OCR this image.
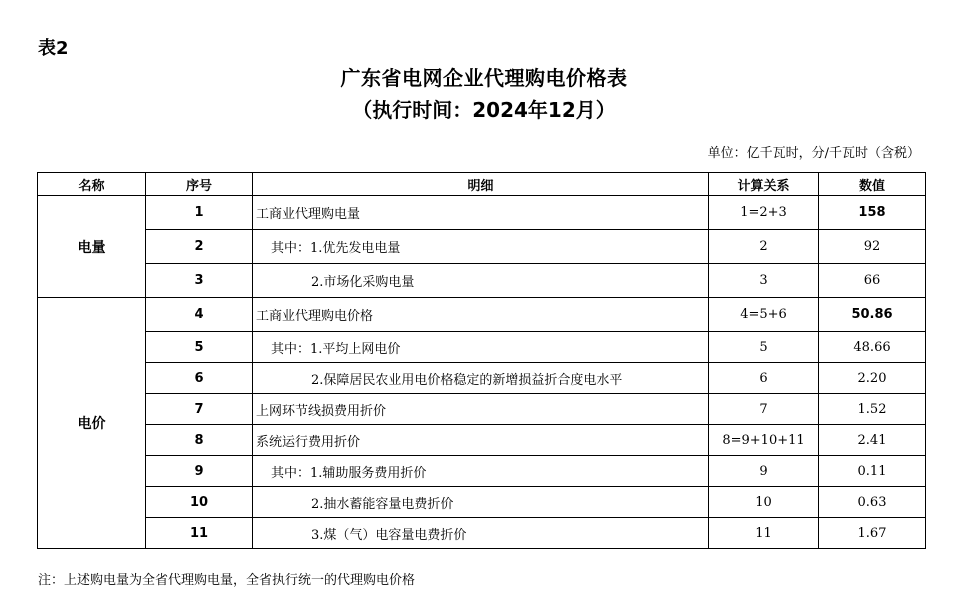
表2
广东省电网企业代理购电价格表
（执行时间：2024年12月）
单位：亿千瓦时，分/千瓦时（含税）
名称	序号	明细	计算关系	数值
电量	1	工商业代理购电量	1=2+3	158
	2	其中：1.优先发电电量	2	92
	3	2.市场化采购电量	3	66
电价	4	工商业代理购电价格	4=5+6	50.86
	5	其中：1.平均上网电价	5	48.66
	6	2.保障居民农业用电价格稳定的新增损益折合度电水平	6	2.20
	7	上网环节线损费用折价	7	1.52
	8	系统运行费用折价	8=9+10+11	2.41
	9	其中：1.辅助服务费用折价	9	0.11
	10	2.抽水蓄能容量电费折价	10	0.63
	11	3.煤（气）电容量电费折价	11	1.67
注：上述购电量为全省代理购电量，全省执行统一的代理购电价格
